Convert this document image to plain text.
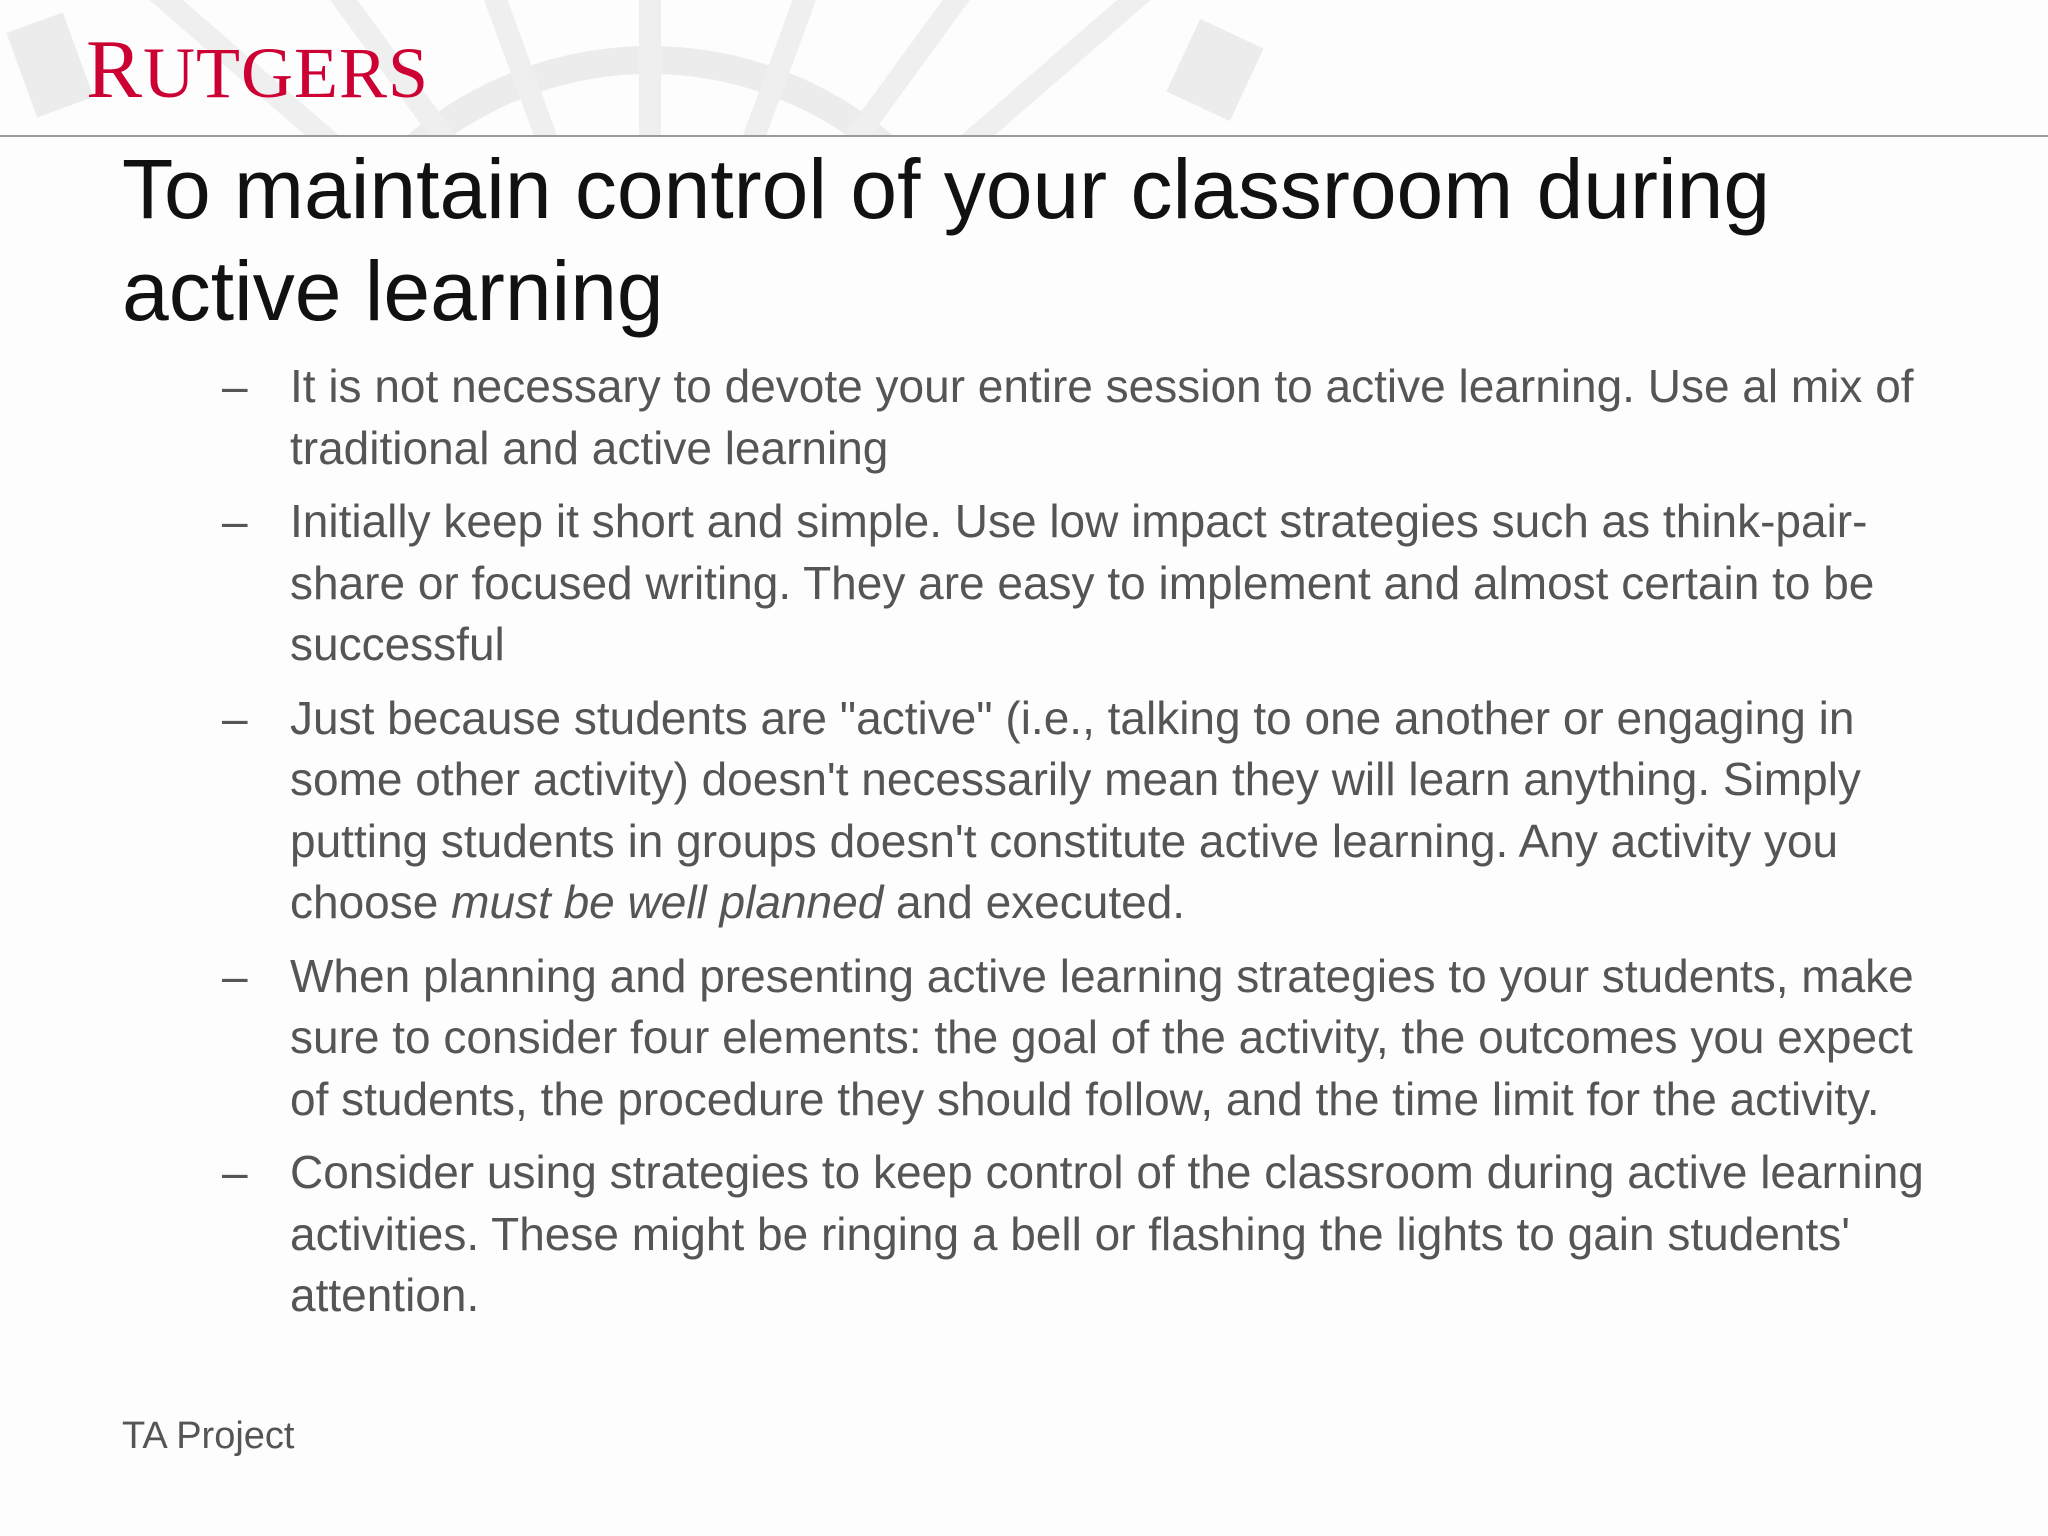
RUTGERS
To maintain control of your classroom during active learning
– It is not necessary to devote your entire session to active learning. Use al mix of traditional and active learning
– Initially keep it short and simple. Use low impact strategies such as think-pair-share or focused writing. They are easy to implement and almost certain to be successful
– Just because students are "active" (i.e., talking to one another or engaging in some other activity) doesn't necessarily mean they will learn anything. Simply putting students in groups doesn't constitute active learning. Any activity you choose must be well planned and executed.
– When planning and presenting active learning strategies to your students, make sure to consider four elements: the goal of the activity, the outcomes you expect of students, the procedure they should follow, and the time limit for the activity.
– Consider using strategies to keep control of the classroom during active learning activities. These might be ringing a bell or flashing the lights to gain students' attention.
TA Project
